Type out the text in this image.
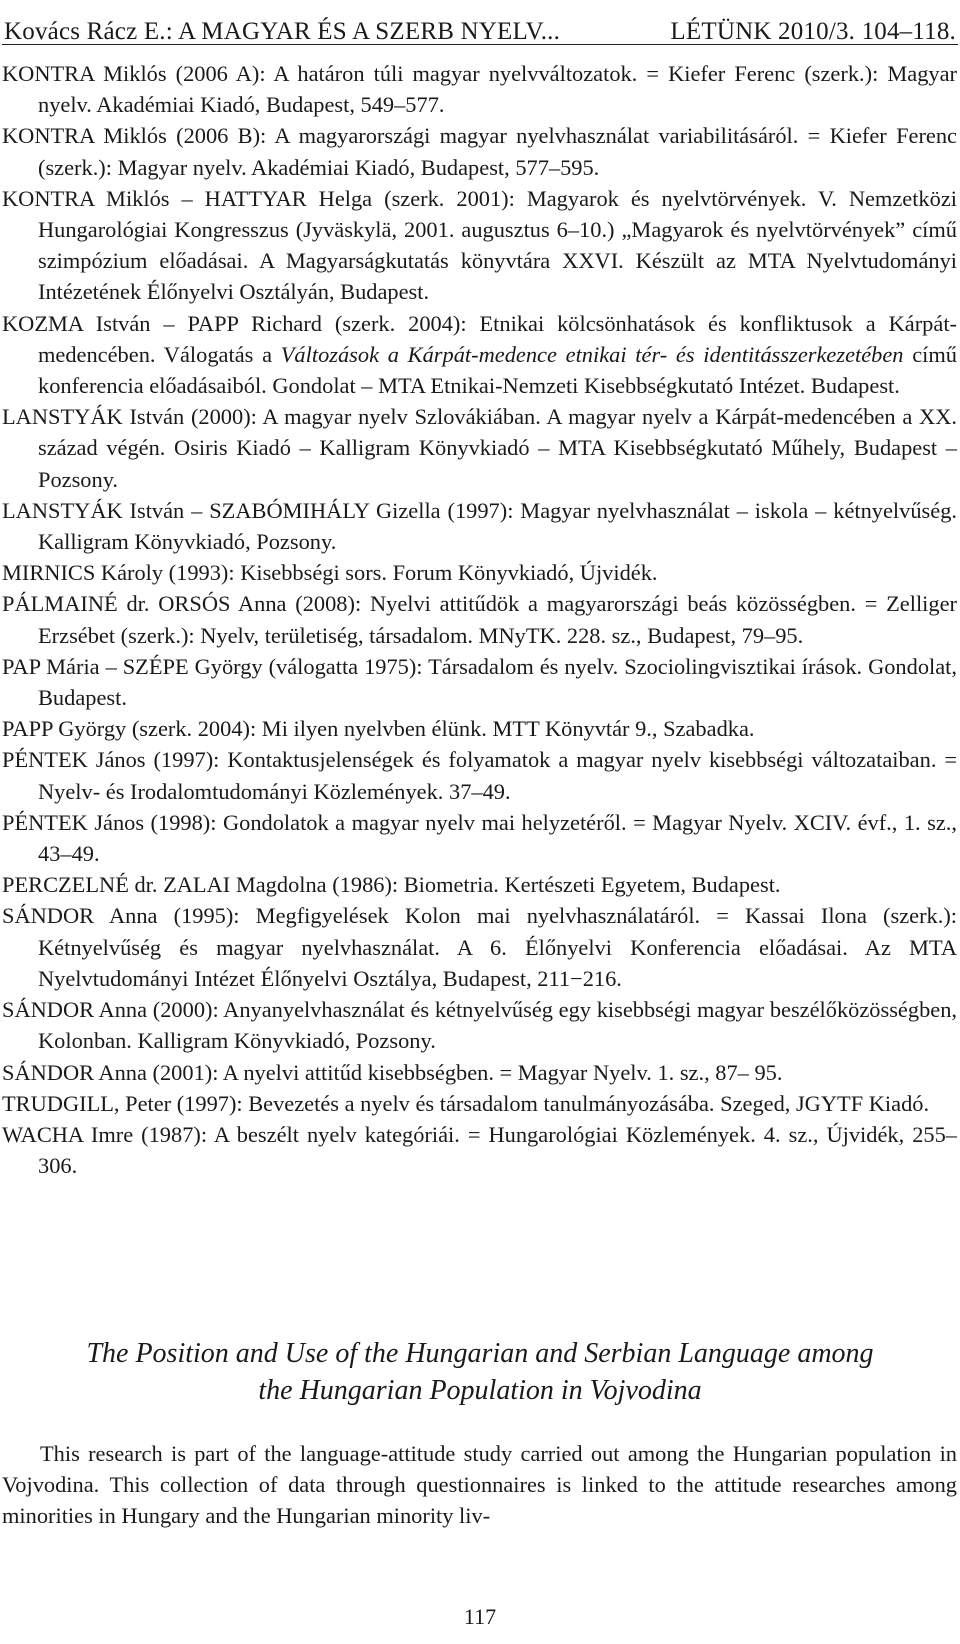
Kovács Rácz E.: A MAGYAR ÉS A SZERB NYELV...	LÉTÜNK 2010/3. 104–118.
KONTRA Miklós (2006 A): A határon túli magyar nyelvváltozatok. = Kiefer Ferenc (szerk.): Magyar nyelv. Akadémiai Kiadó, Budapest, 549–577.
KONTRA Miklós (2006 B): A magyarországi magyar nyelvhasználat variabilitásáról. = Kiefer Ferenc (szerk.): Magyar nyelv. Akadémiai Kiadó, Budapest, 577–595.
KONTRA Miklós – HATTYAR Helga (szerk. 2001): Magyarok és nyelvtörvények. V. Nemzetközi Hungarológiai Kongresszus (Jyväskylä, 2001. augusztus 6–10.) „Magyarok és nyelvtörvények” című szimpózium előadásai. A Magyarságkutatás könyvtára XXVI. Készült az MTA Nyelvtudományi Intézetének Élőnyelvi Osztályán, Budapest.
KOZMA István – PAPP Richard (szerk. 2004): Etnikai kölcsönhatások és konfliktusok a Kárpát-medencében. Válogatás a Változások a Kárpát-medence etnikai tér- és identitásszerkezetében című konferencia előadásaiból. Gondolat – MTA Etnikai-Nemzeti Kisebbségkutató Intézet. Budapest.
LANSTYÁK István (2000): A magyar nyelv Szlovákiában. A magyar nyelv a Kárpát-medencében a XX. század végén. Osiris Kiadó – Kalligram Könyvkiadó – MTA Kisebbségkutató Műhely, Budapest – Pozsony.
LANSTYÁK István – SZABÓMIHÁLY Gizella (1997): Magyar nyelvhasználat – iskola – kétnyelvűség. Kalligram Könyvkiadó, Pozsony.
MIRNICS Károly (1993): Kisebbségi sors. Forum Könyvkiadó, Újvidék.
PÁLMAINÉ dr. ORSÓS Anna (2008): Nyelvi attitűdök a magyarországi beás közösségben. = Zelliger Erzsébet (szerk.): Nyelv, területiség, társadalom. MNyTK. 228. sz., Budapest, 79–95.
PAP Mária – SZÉPE György (válogatta 1975): Társadalom és nyelv. Szociolingvisztikai írások. Gondolat, Budapest.
PAPP György (szerk. 2004): Mi ilyen nyelvben élünk. MTT Könyvtár 9., Szabadka.
PÉNTEK János (1997): Kontaktusjelenségek és folyamatok a magyar nyelv kisebbségi változataiban. = Nyelv- és Irodalomtudományi Közlemények. 37–49.
PÉNTEK János (1998): Gondolatok a magyar nyelv mai helyzetéről. = Magyar Nyelv. XCIV. évf., 1. sz., 43–49.
PERCZELNÉ dr. ZALAI Magdolna (1986): Biometria. Kertészeti Egyetem, Budapest.
SÁNDOR Anna (1995): Megfigyelések Kolon mai nyelvhasználatáról. = Kassai Ilona (szerk.): Kétnyelvűség és magyar nyelvhasználat. A 6. Élőnyelvi Konferencia előadásai. Az MTA Nyelvtudományi Intézet Élőnyelvi Osztálya, Budapest, 211−216.
SÁNDOR Anna (2000): Anyanyelvhasználat és kétnyelvűség egy kisebbségi magyar beszélőközösségben, Kolonban. Kalligram Könyvkiadó, Pozsony.
SÁNDOR Anna (2001): A nyelvi attitűd kisebbségben. = Magyar Nyelv. 1. sz., 87– 95.
TRUDGILL, Peter (1997): Bevezetés a nyelv és társadalom tanulmányozásába. Szeged, JGYTF Kiadó.
WACHA Imre (1987): A beszélt nyelv kategóriái. = Hungarológiai Közlemények. 4. sz., Újvidék, 255–306.
The Position and Use of the Hungarian and Serbian Language among
the Hungarian Population in Vojvodina

This research is part of the language-attitude study carried out among the Hungarian population in Vojvodina. This collection of data through questionnaires is linked to the attitude researches among minorities in Hungary and the Hungarian minority liv-

117
